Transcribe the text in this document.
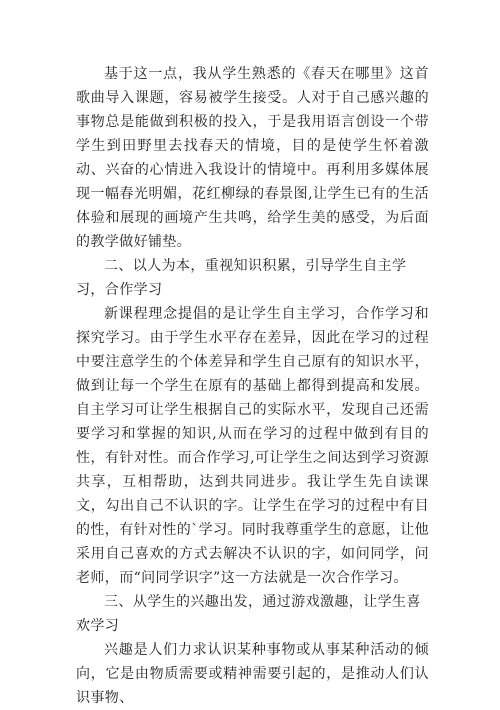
基于这一点，我从学生熟悉的《春天在哪里》这首歌曲导入课题，容易被学生接受。人对于自己感兴趣的事物总是能做到积极的投入，于是我用语言创设一个带学生到田野里去找春天的情境，目的是使学生怀着激动、兴奋的心情进入我设计的情境中。再利用多媒体展现一幅春光明媚，花红柳绿的春景图,让学生已有的生活体验和展现的画境产生共鸣，给学生美的感受，为后面的教学做好铺垫。

二、以人为本，重视知识积累，引导学生自主学习，合作学习

新课程理念提倡的是让学生自主学习，合作学习和探究学习。由于学生水平存在差异，因此在学习的过程中要注意学生的个体差异和学生自己原有的知识水平，做到让每一个学生在原有的基础上都得到提高和发展。自主学习可让学生根据自己的实际水平，发现自己还需要学习和掌握的知识,从而在学习的过程中做到有目的性，有针对性。而合作学习,可让学生之间达到学习资源共享，互相帮助，达到共同进步。我让学生先自读课文，勾出自己不认识的字。让学生在学习的过程中有目的性，有针对性的`学习。同时我尊重学生的意愿，让他采用自己喜欢的方式去解决不认识的字，如问同学，问老师，而“问同学识字”这一方法就是一次合作学习。

三、从学生的兴趣出发，通过游戏激趣，让学生喜欢学习

兴趣是人们力求认识某种事物或从事某种活动的倾向，它是由物质需要或精神需要引起的，是推动人们认识事物、
